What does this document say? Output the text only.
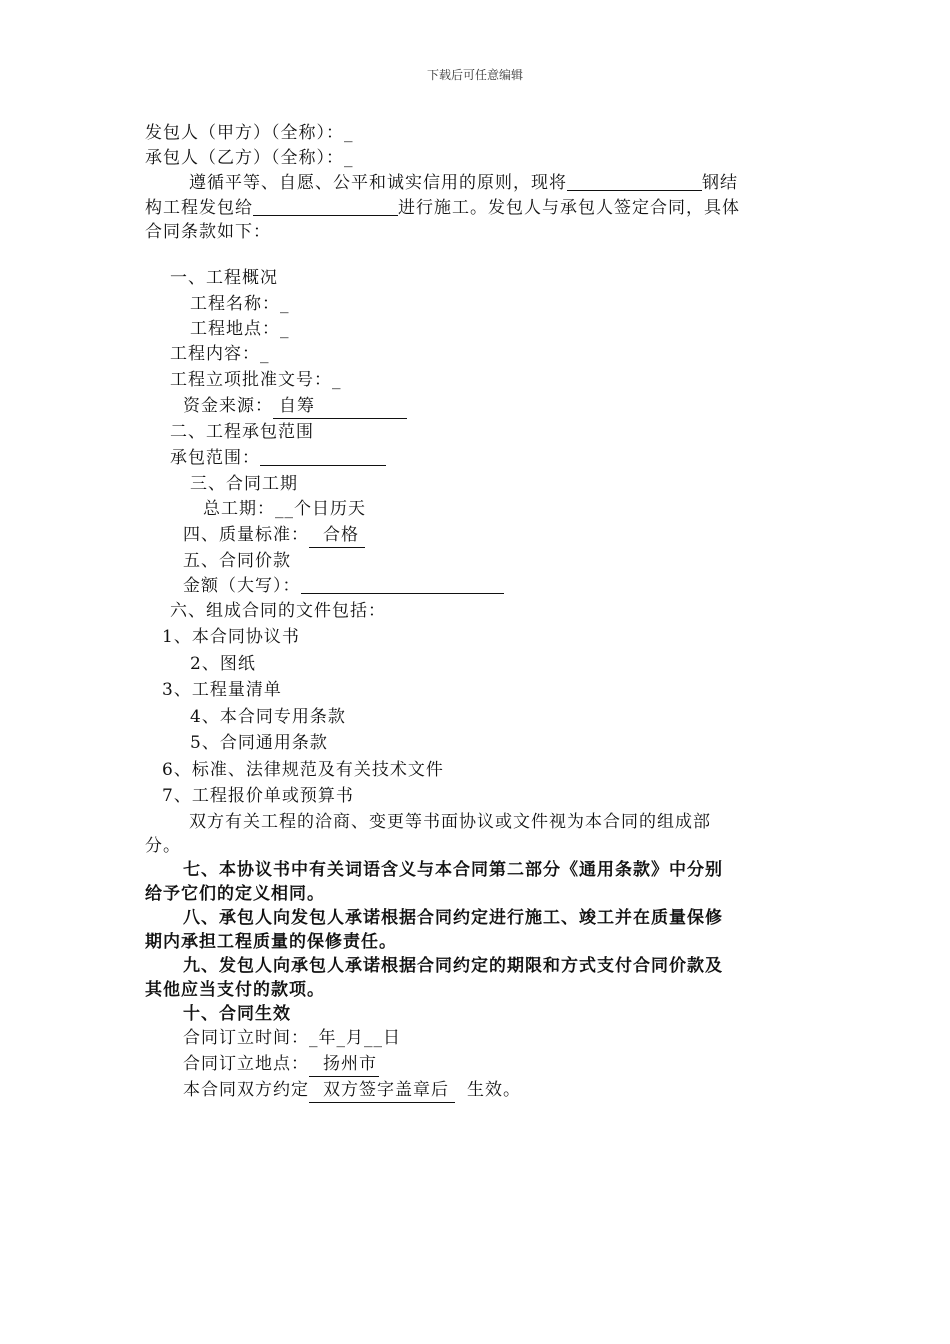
下载后可任意编辑
发包人（甲方）（全称）：_
承包人（乙方）（全称）：_
遵循平等、自愿、公平和诚实信用的原则，现将	钢结
构工程发包给	进行施工。发包人与承包人签定合同，具体
合同条款如下：
一、工程概况
工程名称：_
工程地点：_
工程内容：_
工程立项批准文号：_
资金来源： 自筹
二、工程承包范围
承包范围：
三、合同工期
总工期：__个日历天
四、质量标准： 合格
五、合同价款
金额（大写）：
六、组成合同的文件包括：
1、本合同协议书
2、图纸
3、工程量清单
4、本合同专用条款
5、合同通用条款
6、标准、法律规范及有关技术文件
7、工程报价单或预算书
双方有关工程的洽商、变更等书面协议或文件视为本合同的组成部
分。
七、本协议书中有关词语含义与本合同第二部分《通用条款》中分别
给予它们的定义相同。
八、承包人向发包人承诺根据合同约定进行施工、竣工并在质量保修
期内承担工程质量的保修责任。
九、发包人向承包人承诺根据合同约定的期限和方式支付合同价款及
其他应当支付的款项。
十、合同生效
合同订立时间：_年_月__日
合同订立地点： 扬州市
本合同双方约定 双方签字盖章后 生效。
